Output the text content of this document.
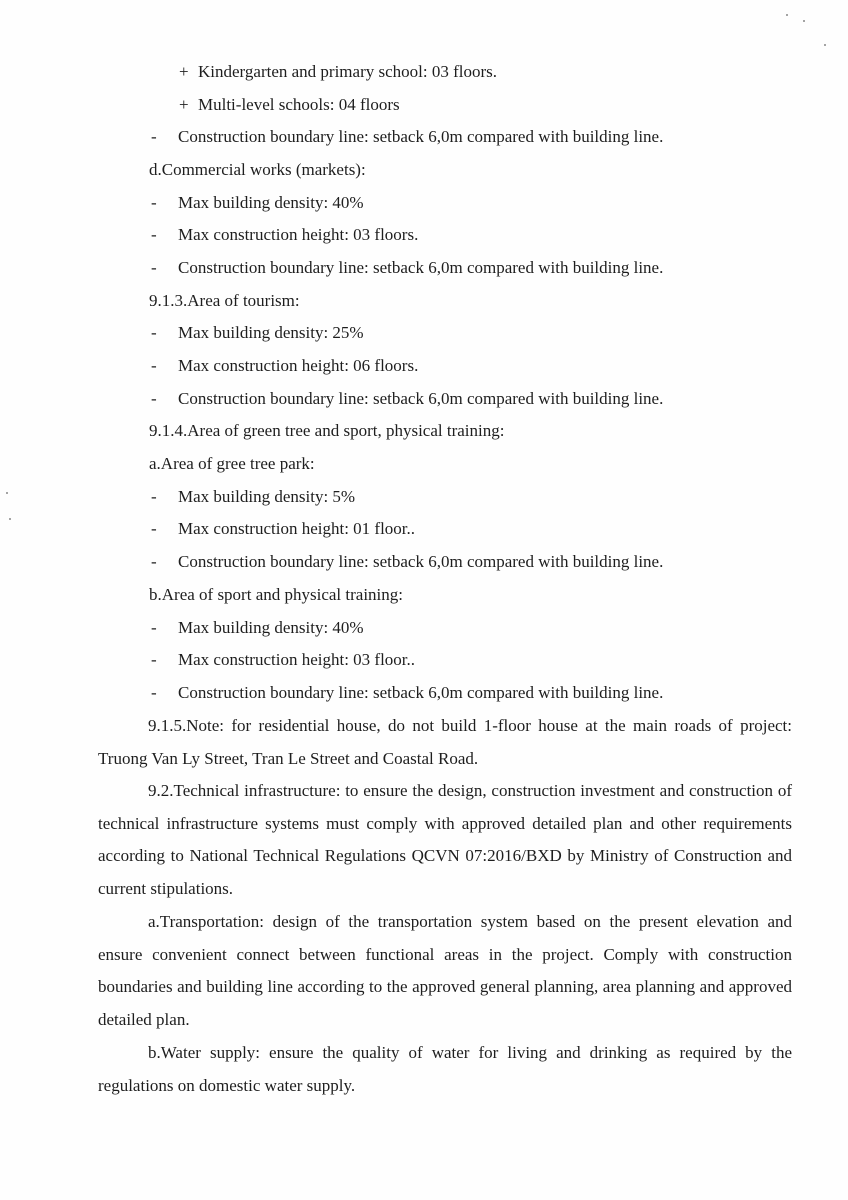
+ Kindergarten and primary school: 03 floors.
+ Multi-level schools: 04 floors
- Construction boundary line: setback 6,0m compared with building line.
d.Commercial works (markets):
- Max building density: 40%
- Max construction height: 03 floors.
- Construction boundary line: setback 6,0m compared with building line.
9.1.3.Area of tourism:
- Max building density: 25%
- Max construction height: 06 floors.
- Construction boundary line: setback 6,0m compared with building line.
9.1.4.Area of green tree and sport, physical training:
a.Area of gree tree park:
- Max building density: 5%
- Max construction height: 01 floor..
- Construction boundary line: setback 6,0m compared with building line.
b.Area of sport and physical training:
- Max building density: 40%
- Max construction height: 03 floor..
- Construction boundary line: setback 6,0m compared with building line.

9.1.5.Note: for residential house, do not build 1-floor house at the main roads of project: Truong Van Ly Street, Tran Le Street and Coastal Road.

9.2.Technical infrastructure: to ensure the design, construction investment and construction of technical infrastructure systems must comply with approved detailed plan and other requirements according to National Technical Regulations QCVN 07:2016/BXD by Ministry of Construction and current stipulations.

a.Transportation: design of the transportation system based on the present elevation and ensure convenient connect between functional areas in the project. Comply with construction boundaries and building line according to the approved general planning, area planning and approved detailed plan.

b.Water supply: ensure the quality of water for living and drinking as required by the regulations on domestic water supply.
